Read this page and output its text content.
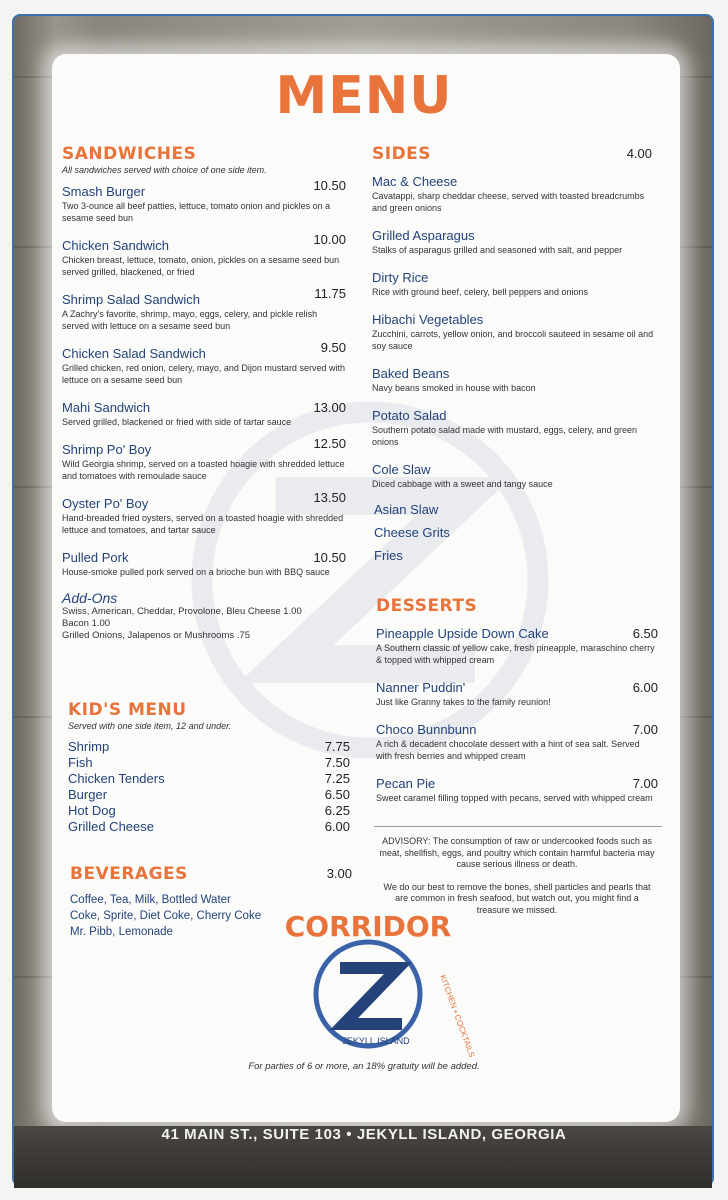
MENU
SANDWICHES
All sandwiches served with choice of one side item.
Smash Burger	10.50
Two 3-ounce all beef patties, lettuce, tomato onion and pickles on a sesame seed bun
Chicken Sandwich	10.00
Chicken breast, lettuce, tomato, onion, pickles on a sesame seed bun served grilled, blackened, or fried
Shrimp Salad Sandwich	11.75
A Zachry's favorite, shrimp, mayo, eggs, celery, and pickle relish served with lettuce on a sesame seed bun
Chicken Salad Sandwich	9.50
Grilled chicken, red onion, celery, mayo, and Dijon mustard served with lettuce on a sesame seed bun
Mahi Sandwich	13.00
Served grilled, blackened or fried with side of tartar sauce
Shrimp Po' Boy	12.50
Wild Georgia shrimp, served on a toasted hoagie with shredded lettuce and tomatoes with remoulade sauce
Oyster Po' Boy	13.50
Hand-breaded fried oysters, served on a toasted hoagie with shredded lettuce and tomatoes, and tartar sauce
Pulled Pork	10.50
House-smoke pulled pork served on a brioche bun with BBQ sauce
Add-Ons
Swiss, American, Cheddar, Provolone, Bleu Cheese 1.00
Bacon 1.00
Grilled Onions, Jalapenos or Mushrooms .75
KID'S MENU
Served with one side item, 12 and under.
Shrimp	7.75
Fish	7.50
Chicken Tenders	7.25
Burger	6.50
Hot Dog	6.25
Grilled Cheese	6.00
BEVERAGES	3.00
Coffee, Tea, Milk, Bottled Water
Coke, Sprite, Diet Coke, Cherry Coke
Mr. Pibb, Lemonade
SIDES	4.00
Mac & Cheese
Cavatappi, sharp cheddar cheese, served with toasted breadcrumbs and green onions
Grilled Asparagus
Stalks of asparagus grilled and seasoned with salt, and pepper
Dirty Rice
Rice with ground beef, celery, bell peppers and onions
Hibachi Vegetables
Zucchini, carrots, yellow onion, and broccoli sauteed in sesame oil and soy sauce
Baked Beans
Navy beans smoked in house with bacon
Potato Salad
Southern potato salad made with mustard, eggs, celery, and green onions
Cole Slaw
Diced cabbage with a sweet and tangy sauce
Asian Slaw
Cheese Grits
Fries
DESSERTS
Pineapple Upside Down Cake	6.50
A Southern classic of yellow cake, fresh pineapple, maraschino cherry & topped with whipped cream
Nanner Puddin'	6.00
Just like Granny takes to the family reunion!
Choco Bunnbunn	7.00
A rich & decadent chocolate dessert with a hint of sea salt. Served with fresh berries and whipped cream
Pecan Pie	7.00
Sweet caramel filling topped with pecans, served with whipped cream
ADVISORY: The consumption of raw or undercooked foods such as meat, shellfish, eggs, and poultry which contain harmful bacteria may cause serious illness or death.
We do our best to remove the bones, shell particles and pearls that are common in fresh seafood, but watch out, you might find a treasure we missed.
CORRIDOR
KITCHEN • COCKTAILS
JEKYLL ISLAND
For parties of 6 or more, an 18% gratuity will be added.
41 MAIN ST., SUITE 103 • JEKYLL ISLAND, GEORGIA
